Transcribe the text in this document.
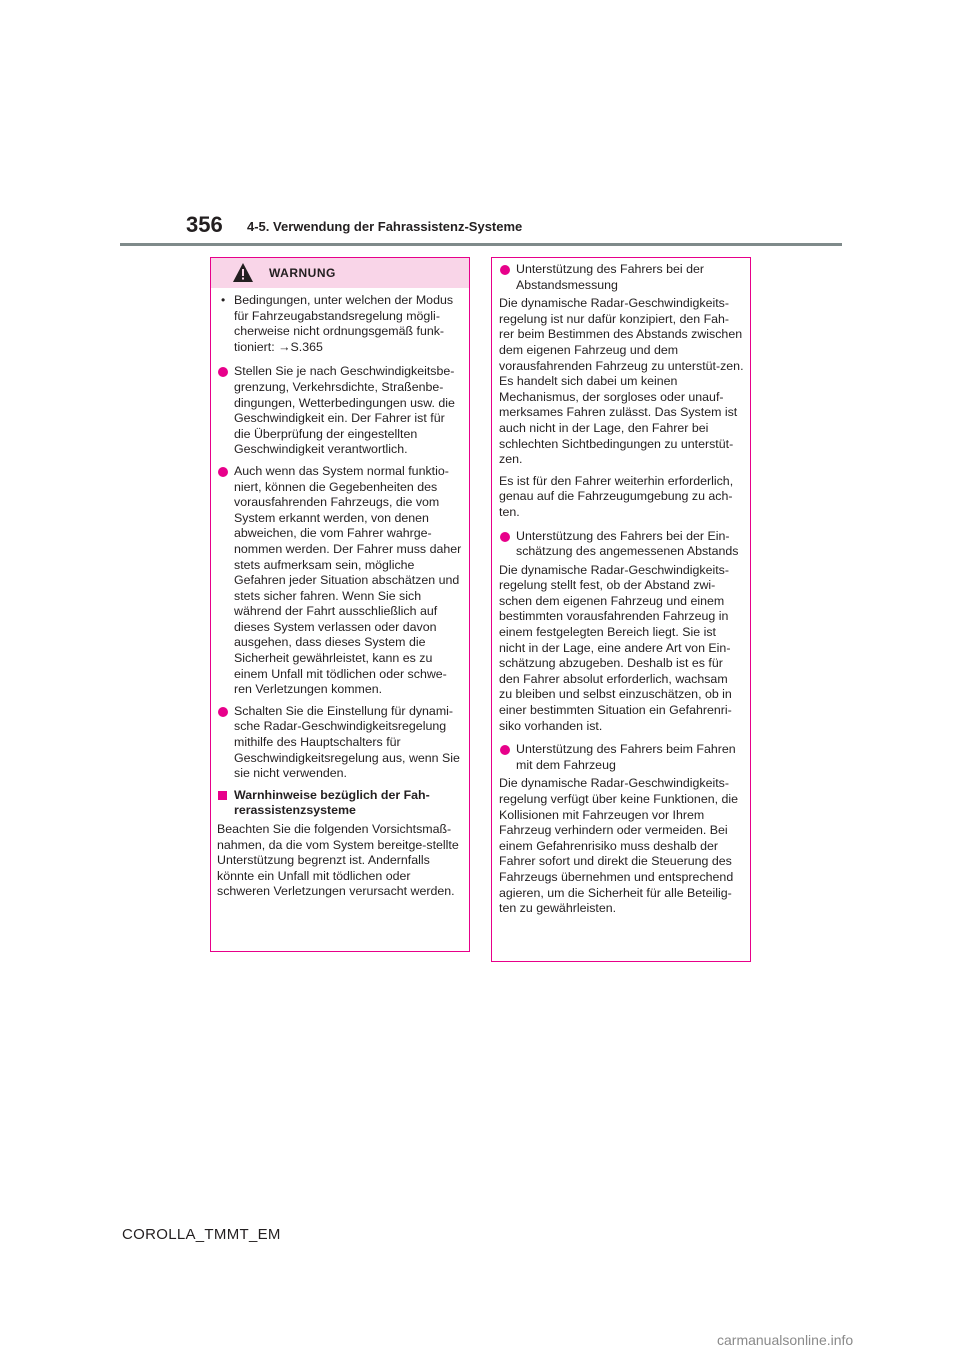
356 4-5. Verwendung der Fahrassistenz-Systeme
WARNUNG
• Bedingungen, unter welchen der Modus für Fahrzeugabstandsregelung mögli-cherweise nicht ordnungsgemäß funk-tioniert: →S.365
Stellen Sie je nach Geschwindigkeitsbe-grenzung, Verkehrsdichte, Straßenbe-dingungen, Wetterbedingungen usw. die Geschwindigkeit ein. Der Fahrer ist für die Überprüfung der eingestellten Geschwindigkeit verantwortlich.
Auch wenn das System normal funktio-niert, können die Gegebenheiten des vorausfahrenden Fahrzeugs, die vom System erkannt werden, von denen abweichen, die vom Fahrer wahrge-nommen werden. Der Fahrer muss daher stets aufmerksam sein, mögliche Gefahren jeder Situation abschätzen und stets sicher fahren. Wenn Sie sich während der Fahrt ausschließlich auf dieses System verlassen oder davon ausgehen, dass dieses System die Sicherheit gewährleistet, kann es zu einem Unfall mit tödlichen oder schwe-ren Verletzungen kommen.
Schalten Sie die Einstellung für dynami-sche Radar-Geschwindigkeitsregelung mithilfe des Hauptschalters für Geschwindigkeitsregelung aus, wenn Sie sie nicht verwenden.
Warnhinweise bezüglich der Fah-rerassistenzsysteme
Beachten Sie die folgenden Vorsichtsmaß-nahmen, da die vom System bereitge-stellte Unterstützung begrenzt ist. Andernfalls könnte ein Unfall mit tödlichen oder schweren Verletzungen verursacht werden.
Unterstützung des Fahrers bei der Abstandsmessung
Die dynamische Radar-Geschwindigkeits-regelung ist nur dafür konzipiert, den Fah-rer beim Bestimmen des Abstands zwischen dem eigenen Fahrzeug und dem vorausfahrenden Fahrzeug zu unterstüt-zen. Es handelt sich dabei um keinen Mechanismus, der sorgloses oder unauf-merksames Fahren zulässt. Das System ist auch nicht in der Lage, den Fahrer bei schlechten Sichtbedingungen zu unterstüt-zen.
Es ist für den Fahrer weiterhin erforderlich, genau auf die Fahrzeugumgebung zu ach-ten.
Unterstützung des Fahrers bei der Ein-schätzung des angemessenen Abstands
Die dynamische Radar-Geschwindigkeits-regelung stellt fest, ob der Abstand zwi-schen dem eigenen Fahrzeug und einem bestimmten vorausfahrenden Fahrzeug in einem festgelegten Bereich liegt. Sie ist nicht in der Lage, eine andere Art von Ein-schätzung abzugeben. Deshalb ist es für den Fahrer absolut erforderlich, wachsam zu bleiben und selbst einzuschätzen, ob in einer bestimmten Situation ein Gefahrenri-siko vorhanden ist.
Unterstützung des Fahrers beim Fahren mit dem Fahrzeug
Die dynamische Radar-Geschwindigkeits-regelung verfügt über keine Funktionen, die Kollisionen mit Fahrzeugen vor Ihrem Fahrzeug verhindern oder vermeiden. Bei einem Gefahrenrisiko muss deshalb der Fahrer sofort und direkt die Steuerung des Fahrzeugs übernehmen und entsprechend agieren, um die Sicherheit für alle Beteilig-ten zu gewährleisten.
COROLLA_TMMT_EM
carmanualsonline.info
